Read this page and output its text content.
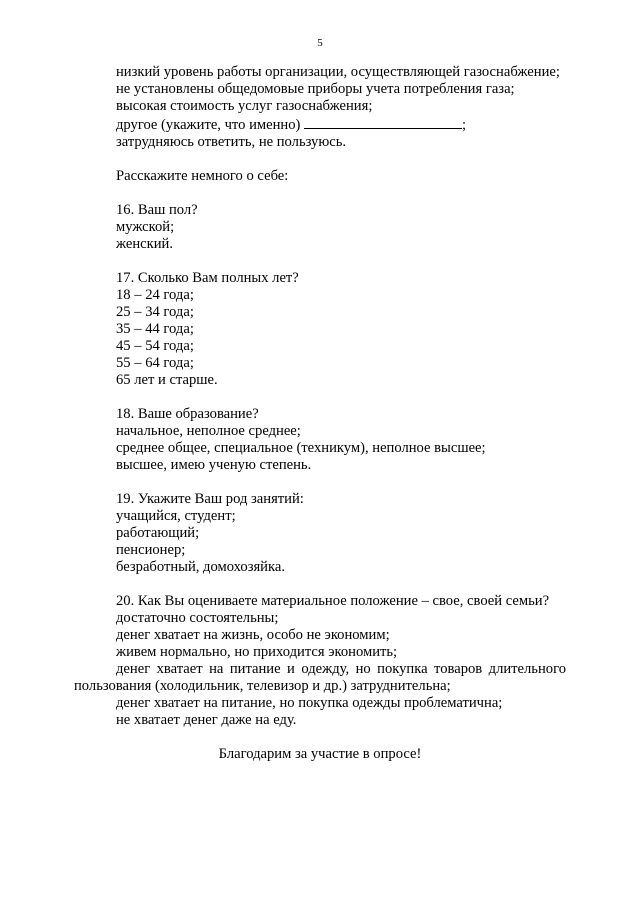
5
низкий уровень работы организации, осуществляющей газоснабжение;
не установлены общедомовые приборы учета потребления газа;
высокая стоимость услуг газоснабжения;
другое (укажите, что именно)	;
затрудняюсь ответить, не пользуюсь.
Расскажите немного о себе:
16. Ваш пол?
мужской;
женский.
17. Сколько Вам полных лет?
18 – 24 года;
25 – 34 года;
35 – 44 года;
45 – 54 года;
55 – 64 года;
65 лет и старше.
18. Ваше образование?
начальное, неполное среднее;
среднее общее, специальное (техникум), неполное высшее;
высшее, имею ученую степень.
19. Укажите Ваш род занятий:
учащийся, студент;
работающий;
пенсионер;
безработный, домохозяйка.
20. Как Вы оцениваете материальное положение – свое, своей семьи?
достаточно состоятельны;
денег хватает на жизнь, особо не экономим;
живем нормально, но приходится экономить;
денег хватает на питание и одежду, но покупка товаров длительного
пользования (холодильник, телевизор и др.) затруднительна;
денег хватает на питание, но покупка одежды проблематична;
не хватает денег даже на еду.
Благодарим за участие в опросе!
